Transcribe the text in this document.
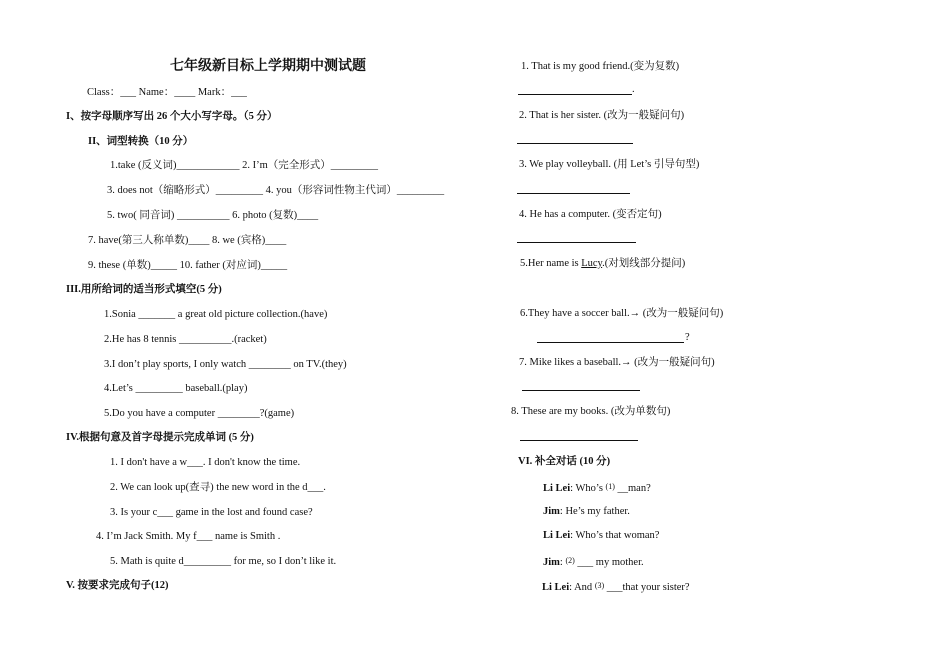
七年级新目标上学期期中测试题
Class：___ Name：____ Mark：___
I、按字母顺序写出 26 个大小写字母。（5 分）
II、词型转换（10 分）
1.take (反义词)____________ 2. I’m（完全形式）_________
3. does not（缩略形式）_________ 4. you（形容词性物主代词）_________
5. two( 同音词) __________ 6. photo (复数)____
7. have(第三人称单数)____ 8. we (宾格)____
9. these (单数)_____ 10. father (对应词)_____
III.用所给词的适当形式填空(5 分)
1.Sonia _______ a great old picture collection.(have)
2.He has 8 tennis __________.(racket)
3.I don’t play sports, I only watch ________ on TV.(they)
4.Let’s _________ baseball.(play)
5.Do you have a computer ________?(game)
IV.根据句意及首字母提示完成单词 (5 分)
1. I don't have a w___. I don't know the time.
2. We can look up(查寻) the new word in the d___.
3. Is your c___ game in the lost and found case?
4. I’m Jack Smith. My f___ name is Smith .
5. Math is quite d_________ for me, so I don’t like it.
V. 按要求完成句子(12)
1. That is my good friend.(变为复数)
.
2. That is her sister. (改为一般疑问句)
3. We play volleyball. (用 Let’s 引导句型)
4. He has a computer. (变否定句)
5.Her name is Lucy.(对划线部分提问)
6.They have a soccer ball.→ (改为一般疑问句)
?
7. Mike likes a baseball.→ (改为一般疑问句)
8. These are my books. (改为单数句)
VI. 补全对话 (10 分)
Li Lei: Who’s $^{(1)}$ __man?
Jim: He’s my father.
Li Lei: Who’s that woman?
Jim: $^{(2)}$ ___ my mother.
Li Lei: And $^{(3)}$ ___that your sister?
